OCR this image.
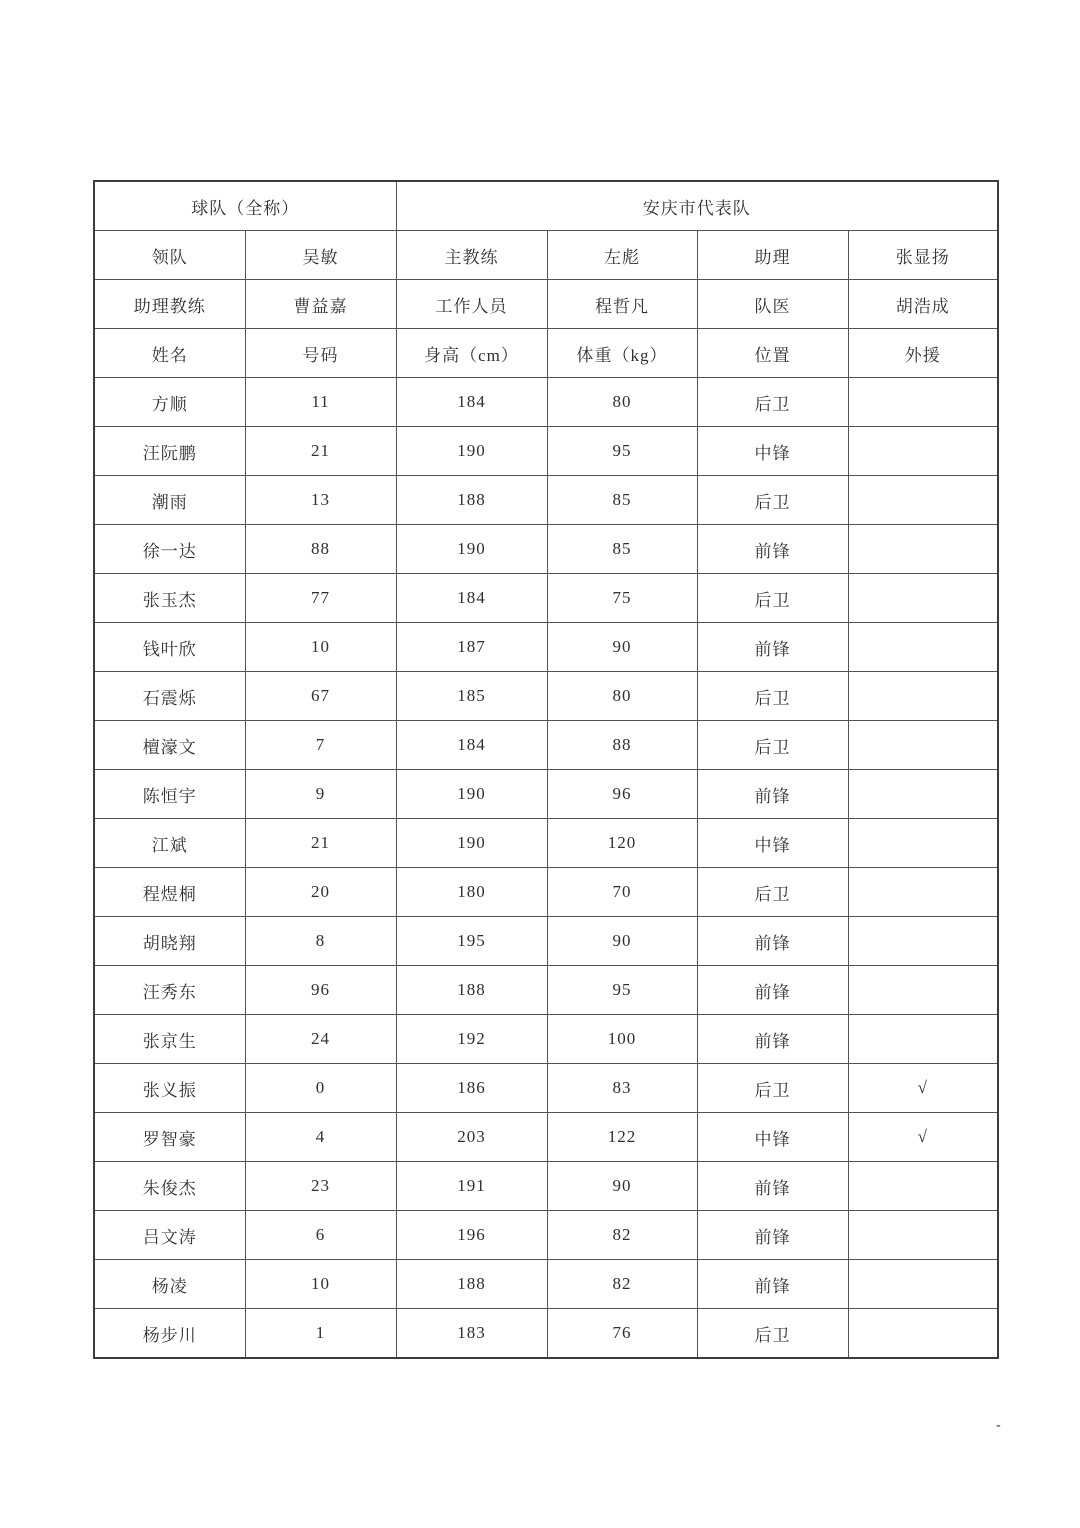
球队（全称）		安庆市代表队			
领队	吴敏	主教练	左彪	助理	张显扬
助理教练	曹益嘉	工作人员	程哲凡	队医	胡浩成
姓名	号码	身高（cm）	体重（kg）	位置	外援
方顺	11	184	80	后卫	
汪阮鹏	21	190	95	中锋	
潮雨	13	188	85	后卫	
徐一达	88	190	85	前锋	
张玉杰	77	184	75	后卫	
钱叶欣	10	187	90	前锋	
石震烁	67	185	80	后卫	
檀濠文	7	184	88	后卫	
陈恒宇	9	190	96	前锋	
江斌	21	190	120	中锋	
程煜桐	20	180	70	后卫	
胡晓翔	8	195	90	前锋	
汪秀东	96	188	95	前锋	
张京生	24	192	100	前锋	
张义振	0	186	83	后卫	√
罗智豪	4	203	122	中锋	√
朱俊杰	23	191	90	前锋	
吕文涛	6	196	82	前锋	
杨凌	10	188	82	前锋	
杨步川	1	183	76	后卫	
-
